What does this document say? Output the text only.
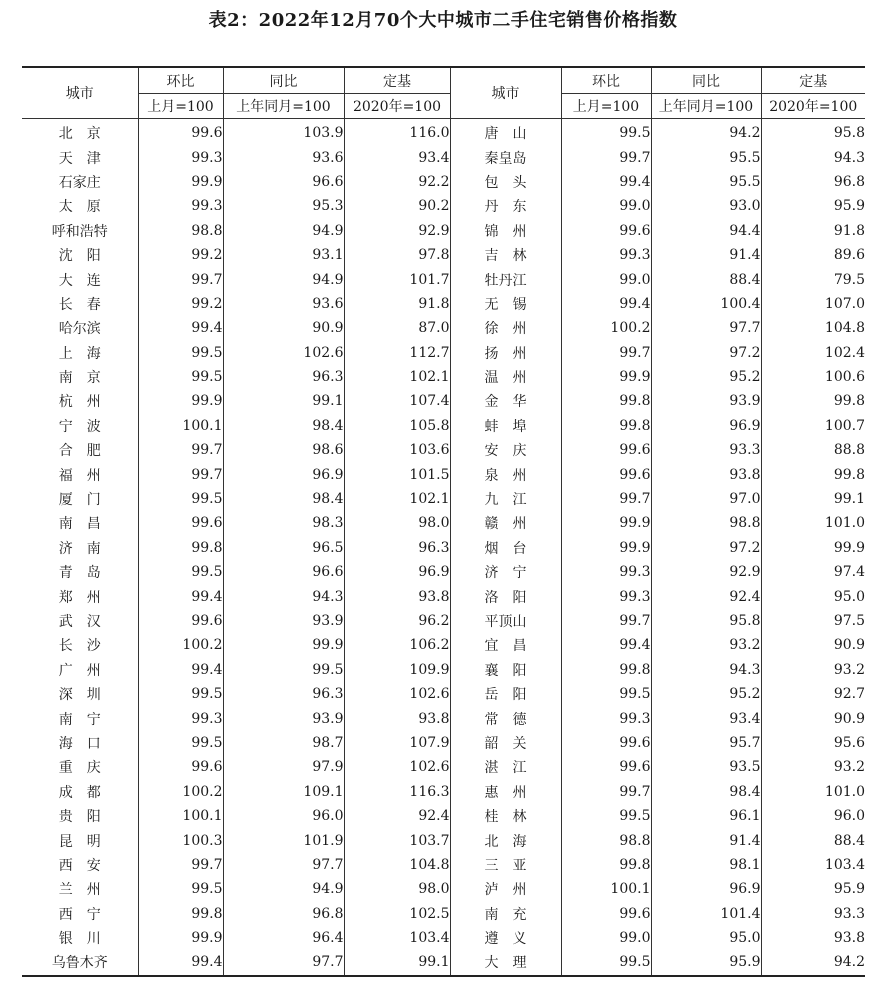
表2：2022年12月70个大中城市二手住宅销售价格指数
城市	环比	同比	定基	城市	环比	同比	定基
	上月=100	上年同月=100	2020年=100		上月=100	上年同月=100	2020年=100
北　京	99.6	103.9	116.0	唐　山	99.5	94.2	95.8
天　津	99.3	93.6	93.4	秦皇岛	99.7	95.5	94.3
石家庄	99.9	96.6	92.2	包　头	99.4	95.5	96.8
太　原	99.3	95.3	90.2	丹　东	99.0	93.0	95.9
呼和浩特	98.8	94.9	92.9	锦　州	99.6	94.4	91.8
沈　阳	99.2	93.1	97.8	吉　林	99.3	91.4	89.6
大　连	99.7	94.9	101.7	牡丹江	99.0	88.4	79.5
长　春	99.2	93.6	91.8	无　锡	99.4	100.4	107.0
哈尔滨	99.4	90.9	87.0	徐　州	100.2	97.7	104.8
上　海	99.5	102.6	112.7	扬　州	99.7	97.2	102.4
南　京	99.5	96.3	102.1	温　州	99.9	95.2	100.6
杭　州	99.9	99.1	107.4	金　华	99.8	93.9	99.8
宁　波	100.1	98.4	105.8	蚌　埠	99.8	96.9	100.7
合　肥	99.7	98.6	103.6	安　庆	99.6	93.3	88.8
福　州	99.7	96.9	101.5	泉　州	99.6	93.8	99.8
厦　门	99.5	98.4	102.1	九　江	99.7	97.0	99.1
南　昌	99.6	98.3	98.0	赣　州	99.9	98.8	101.0
济　南	99.8	96.5	96.3	烟　台	99.9	97.2	99.9
青　岛	99.5	96.6	96.9	济　宁	99.3	92.9	97.4
郑　州	99.4	94.3	93.8	洛　阳	99.3	92.4	95.0
武　汉	99.6	93.9	96.2	平顶山	99.7	95.8	97.5
长　沙	100.2	99.9	106.2	宜　昌	99.4	93.2	90.9
广　州	99.4	99.5	109.9	襄　阳	99.8	94.3	93.2
深　圳	99.5	96.3	102.6	岳　阳	99.5	95.2	92.7
南　宁	99.3	93.9	93.8	常　德	99.3	93.4	90.9
海　口	99.5	98.7	107.9	韶　关	99.6	95.7	95.6
重　庆	99.6	97.9	102.6	湛　江	99.6	93.5	93.2
成　都	100.2	109.1	116.3	惠　州	99.7	98.4	101.0
贵　阳	100.1	96.0	92.4	桂　林	99.5	96.1	96.0
昆　明	100.3	101.9	103.7	北　海	98.8	91.4	88.4
西　安	99.7	97.7	104.8	三　亚	99.8	98.1	103.4
兰　州	99.5	94.9	98.0	泸　州	100.1	96.9	95.9
西　宁	99.8	96.8	102.5	南　充	99.6	101.4	93.3
银　川	99.9	96.4	103.4	遵　义	99.0	95.0	93.8
乌鲁木齐	99.4	97.7	99.1	大　理	99.5	95.9	94.2
